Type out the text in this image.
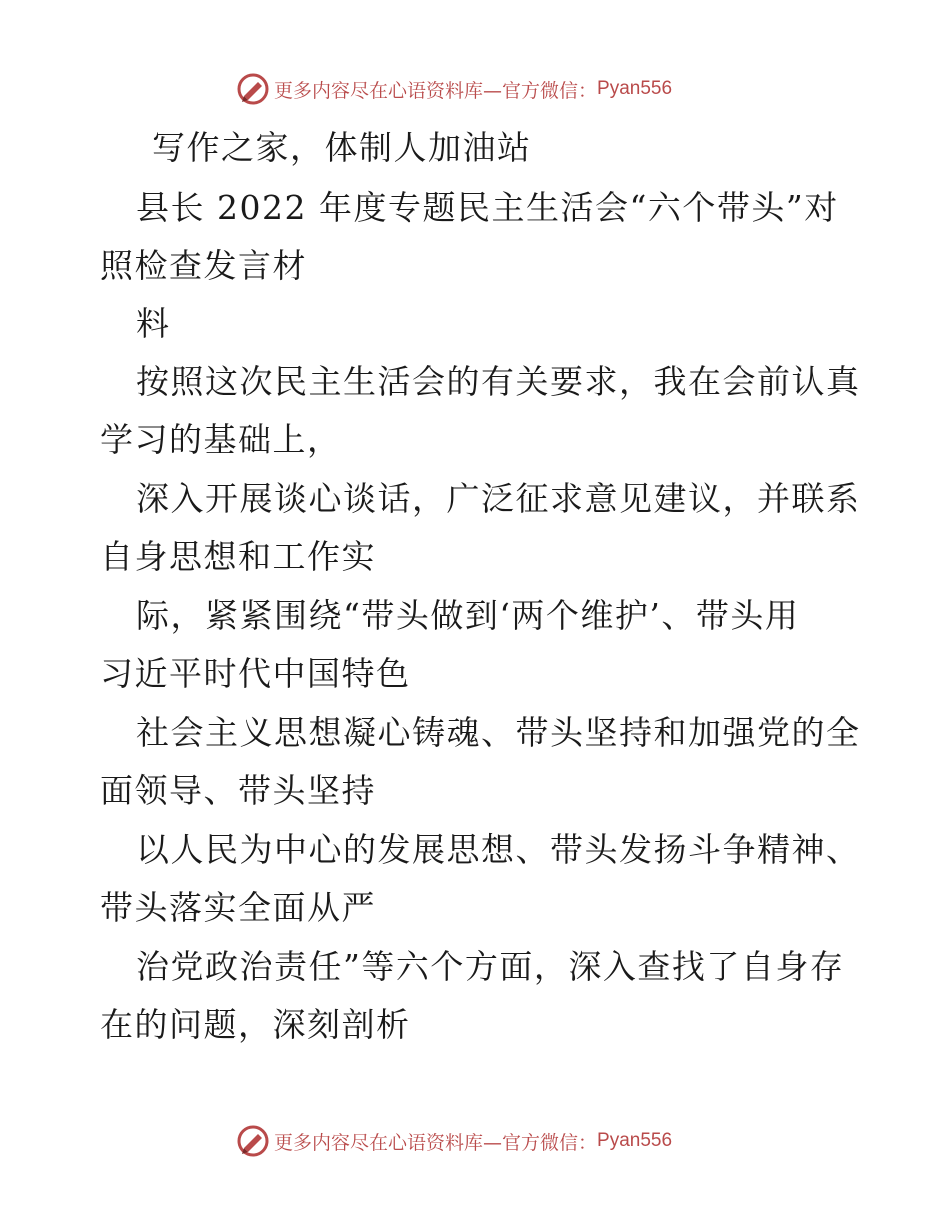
更多内容尽在心语资料库—官方微信： Pyan556
写作之家，体制人加油站
县长 2022 年度专题民主生活会“六个带头”对
照检查发言材
料
按照这次民主生活会的有关要求，我在会前认真
学习的基础上，
深入开展谈心谈话，广泛征求意见建议，并联系
自身思想和工作实
际，紧紧围绕“带头做到‘两个维护’、带头用
习近平时代中国特色
社会主义思想凝心铸魂、带头坚持和加强党的全
面领导、带头坚持
以人民为中心的发展思想、带头发扬斗争精神、
带头落实全面从严
治党政治责任”等六个方面，深入查找了自身存
在的问题，深刻剖析
更多内容尽在心语资料库—官方微信： Pyan556
